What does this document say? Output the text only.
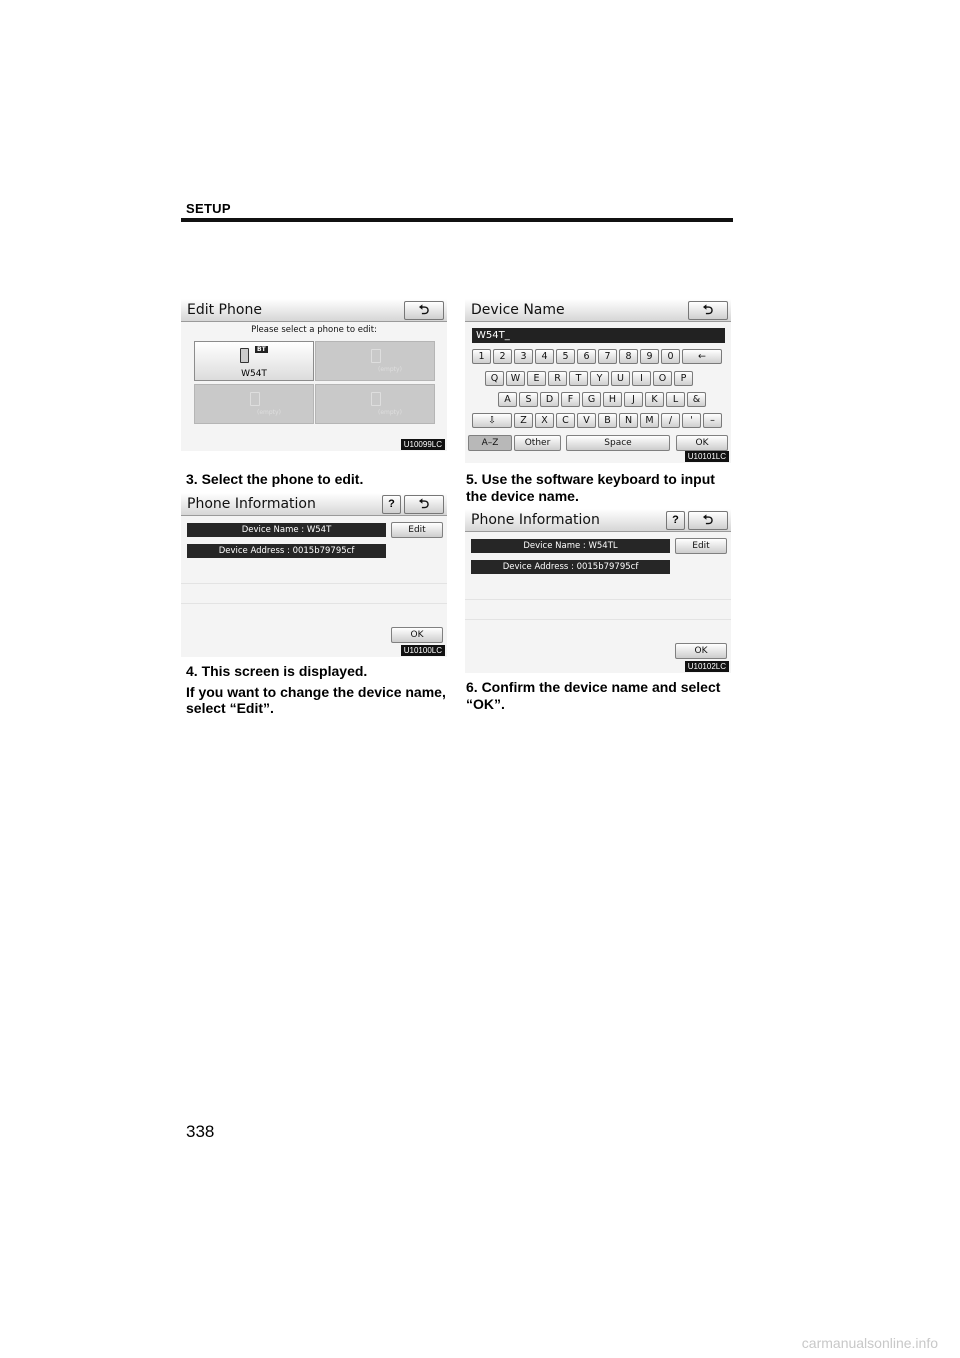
SETUP
Edit Phone	⮌
Please select a phone to edit:
BT
W54T	(empty)
(empty)	(empty)
U10099LC
3. Select the phone to edit.
Phone Information	?	⮌
Device Name : W54T	Edit
Device Address : 0015b79795cf
OK
U10100LC
4. This screen is displayed.
If you want to change the device name, select “Edit”.
Device Name	⮌
W54T_
1	2	3	4	5	6	7	8	9	0	←
Q	W	E	R	T	Y	U	I	O	P
A	S	D	F	G	H	J	K	L	&
⇩	Z	X	C	V	B	N	M	/	'	–
A–Z	Other	Space	OK
U10101LC
5. Use the software keyboard to input the device name.
Phone Information	?	⮌
Device Name : W54TL	Edit
Device Address : 0015b79795cf
OK
U10102LC
6. Confirm the device name and select “OK”.
338
carmanualsonline.info
